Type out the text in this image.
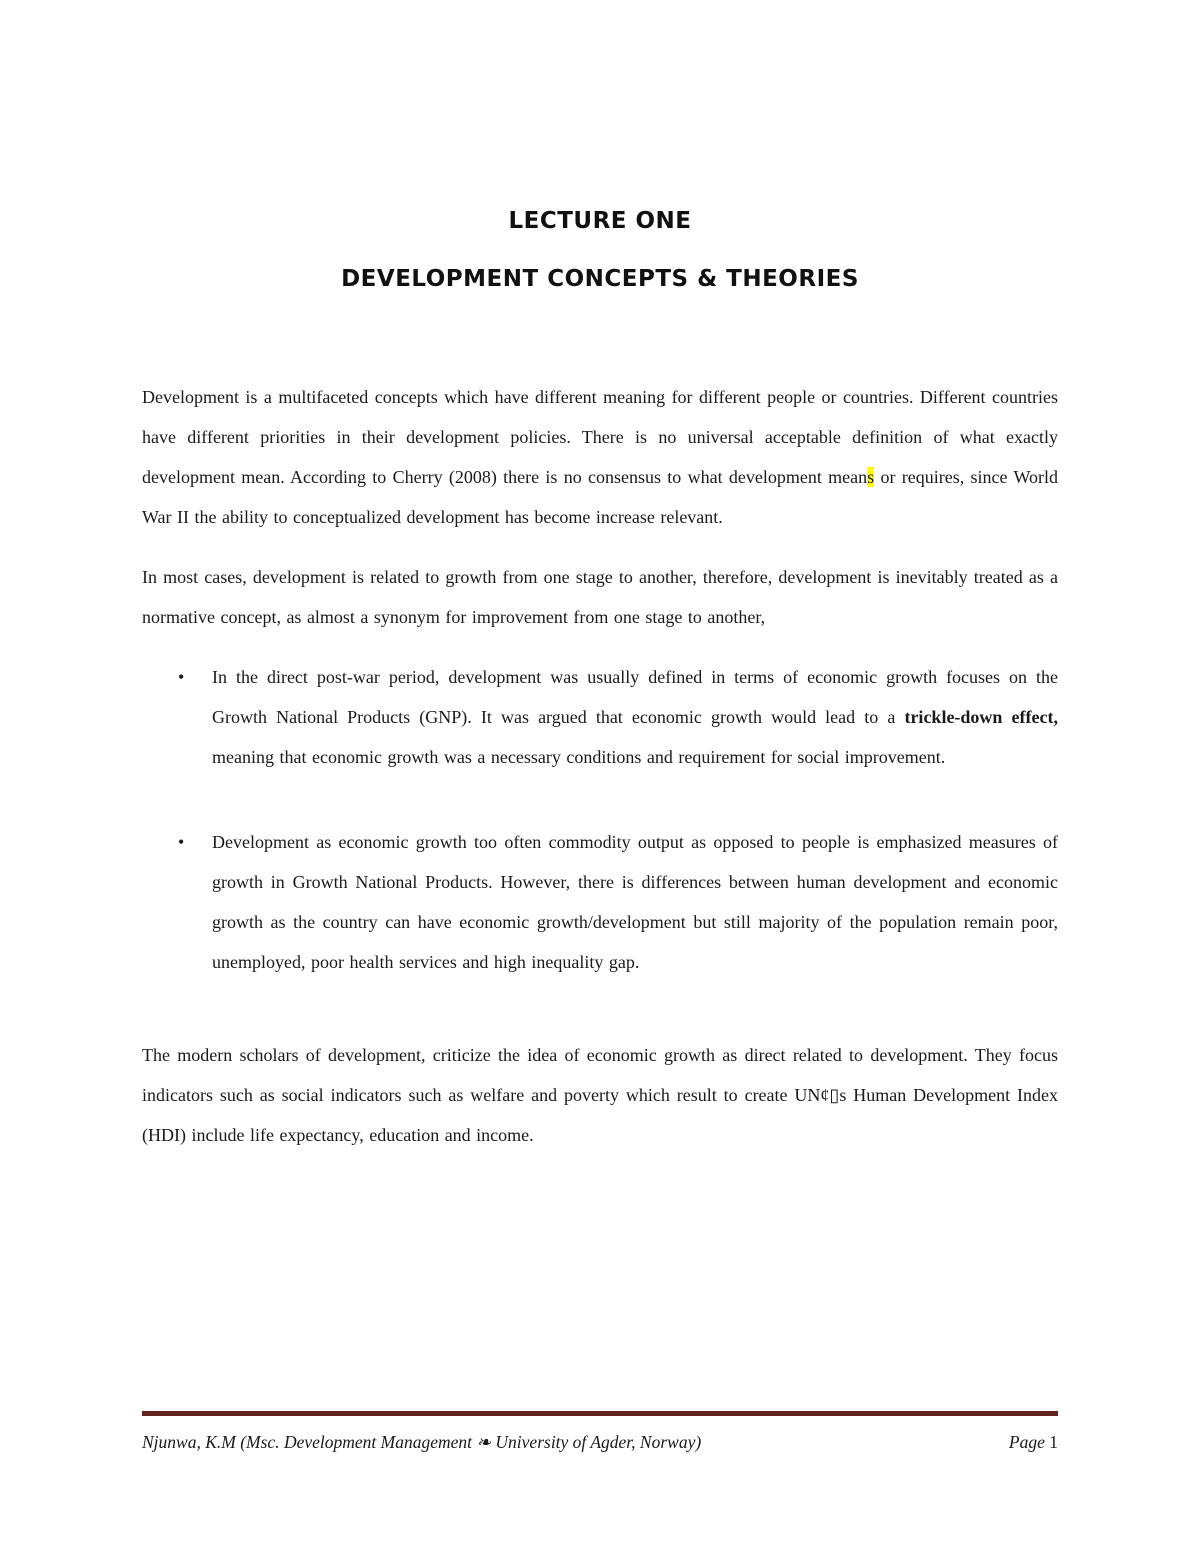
LECTURE ONE
DEVELOPMENT CONCEPTS & THEORIES

Development is a multifaceted concepts which have different meaning for different people or countries. Different countries have different priorities in their development policies. There is no universal acceptable definition of what exactly development mean. According to Cherry (2008) there is no consensus to what development means or requires, since World War II the ability to conceptualized development has become increase relevant.

In most cases, development is related to growth from one stage to another, therefore, development is inevitably treated as a normative concept, as almost a synonym for improvement from one stage to another,

• In the direct post-war period, development was usually defined in terms of economic growth focuses on the Growth National Products (GNP). It was argued that economic growth would lead to a trickle-down effect, meaning that economic growth was a necessary conditions and requirement for social improvement.
• Development as economic growth too often commodity output as opposed to people is emphasized measures of growth in Growth National Products. However, there is differences between human development and economic growth as the country can have economic growth/development but still majority of the population remain poor, unemployed, poor health services and high inequality gap.

The modern scholars of development, criticize the idea of economic growth as direct related to development. They focus indicators such as social indicators such as welfare and poverty which result to create UN¢▯s Human Development Index (HDI) include life expectancy, education and income.

Njunwa, K.M (Msc. Development Management ❧ University of Agder, Norway)	Page 1
